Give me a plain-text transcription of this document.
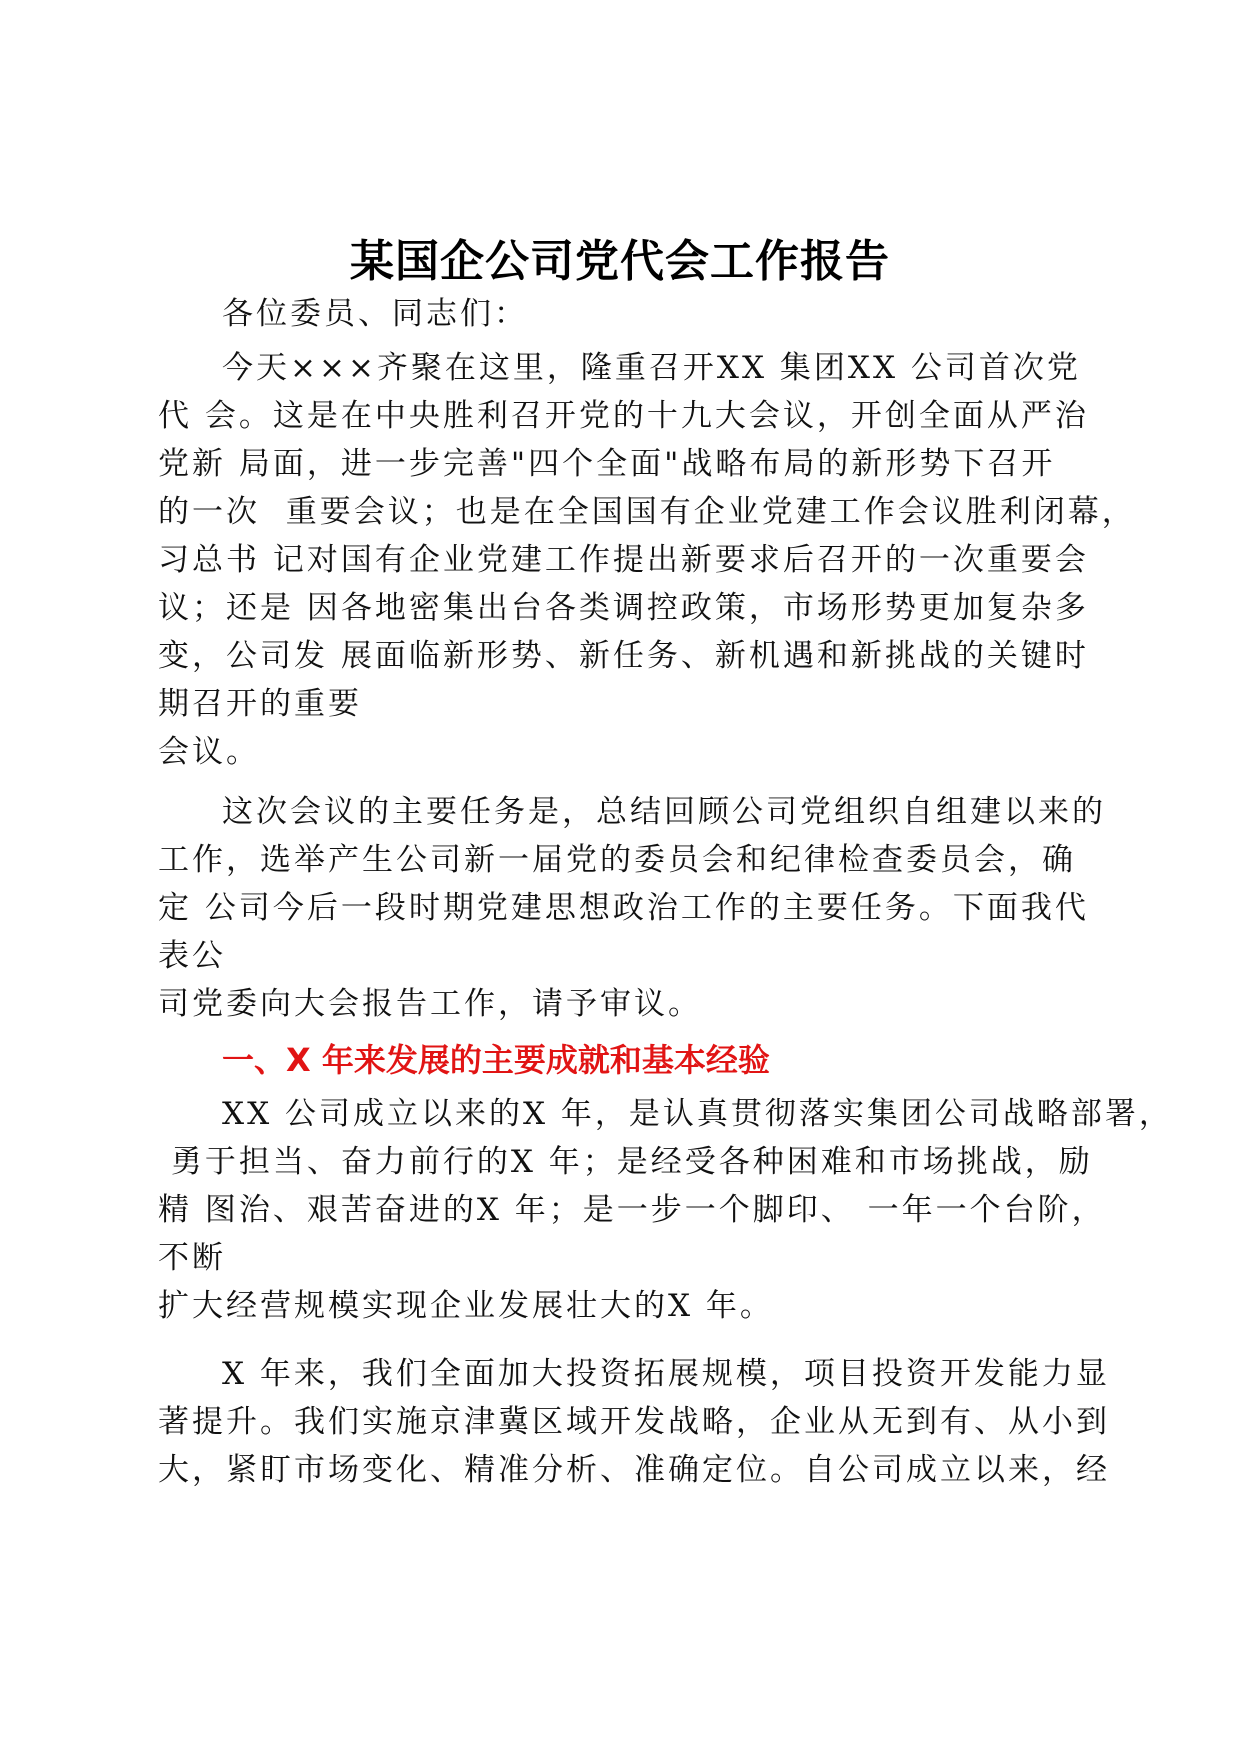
某国企公司党代会工作报告
各位委员、同志们：
今天×××齐聚在这里，隆重召开XX 集团XX 公司首次党
代 会。这是在中央胜利召开党的十九大会议，开创全面从严治
党新 局面，进一步完善"四个全面"战略布局的新形势下召开
的一次  重要会议；也是在全国国有企业党建工作会议胜利闭幕，
习总书 记对国有企业党建工作提出新要求后召开的一次重要会
议；还是 因各地密集出台各类调控政策，市场形势更加复杂多
变，公司发 展面临新形势、新任务、新机遇和新挑战的关键时
期召开的重要
会议。
这次会议的主要任务是，总结回顾公司党组织自组建以来的
工作，选举产生公司新一届党的委员会和纪律检查委员会，确
定 公司今后一段时期党建思想政治工作的主要任务。下面我代
表公
司党委向大会报告工作，请予审议。
一、X 年来发展的主要成就和基本经验
XX 公司成立以来的X 年，是认真贯彻落实集团公司战略部署，
勇于担当、奋力前行的X 年；是经受各种困难和市场挑战，励
精 图治、艰苦奋进的X 年；是一步一个脚印、 一年一个台阶，
不断
扩大经营规模实现企业发展壮大的X 年。
X 年来，我们全面加大投资拓展规模，项目投资开发能力显
著提升。我们实施京津冀区域开发战略，企业从无到有、从小到
大，紧盯市场变化、精准分析、准确定位。自公司成立以来，经
